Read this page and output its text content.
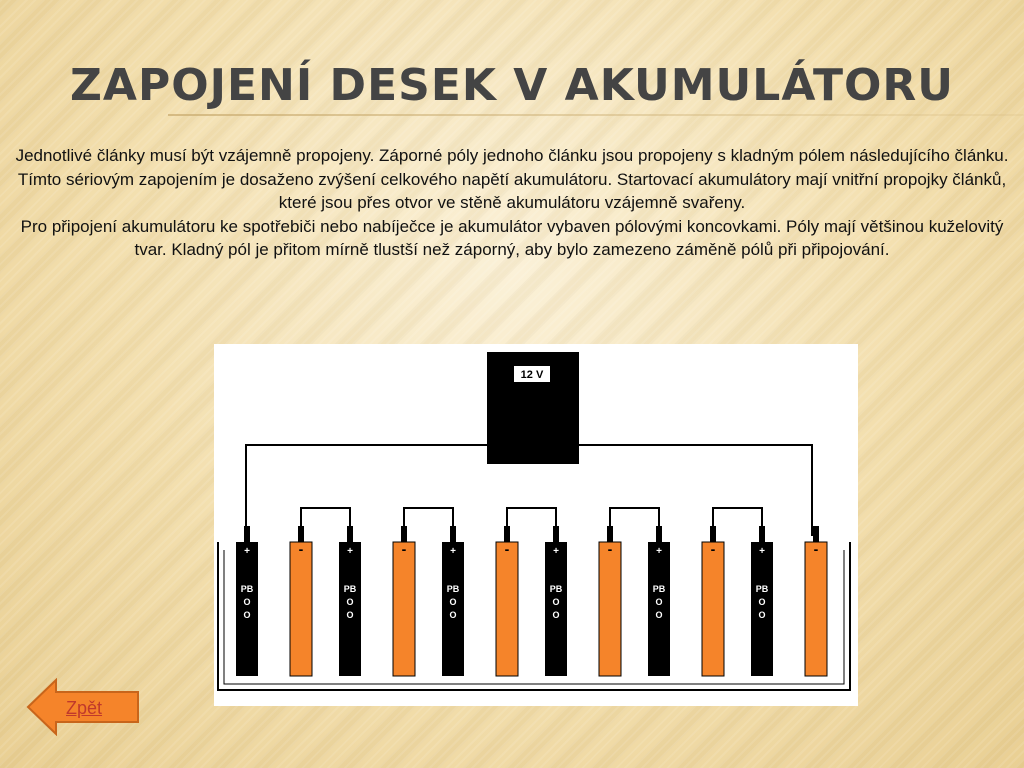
ZAPOJENÍ DESEK V AKUMULÁTORU

Jednotlivé články musí být vzájemně propojeny. Záporné póly jednoho článku jsou propojeny s kladným pólem následujícího článku. Tímto sériovým zapojením je dosaženo zvýšení celkového napětí akumulátoru. Startovací akumulátory mají vnitřní propojky článků, které jsou přes otvor ve stěně akumulátoru vzájemně svařeny.

Pro připojení akumulátoru ke spotřebiči nebo nabíječce je akumulátor vybaven pólovými koncovkami. Póly mají většinou kuželovitý tvar. Kladný pól je přitom mírně tlustší než záporný, aby bylo zamezeno záměně pólů při připojování.

12 V
+
PB
O
O
-	+
PB
O
O
-	+
PB
O
O
-	+
PB
O
O
-	+
PB
O
O
-	+
PB
O
O
-
Zpět
